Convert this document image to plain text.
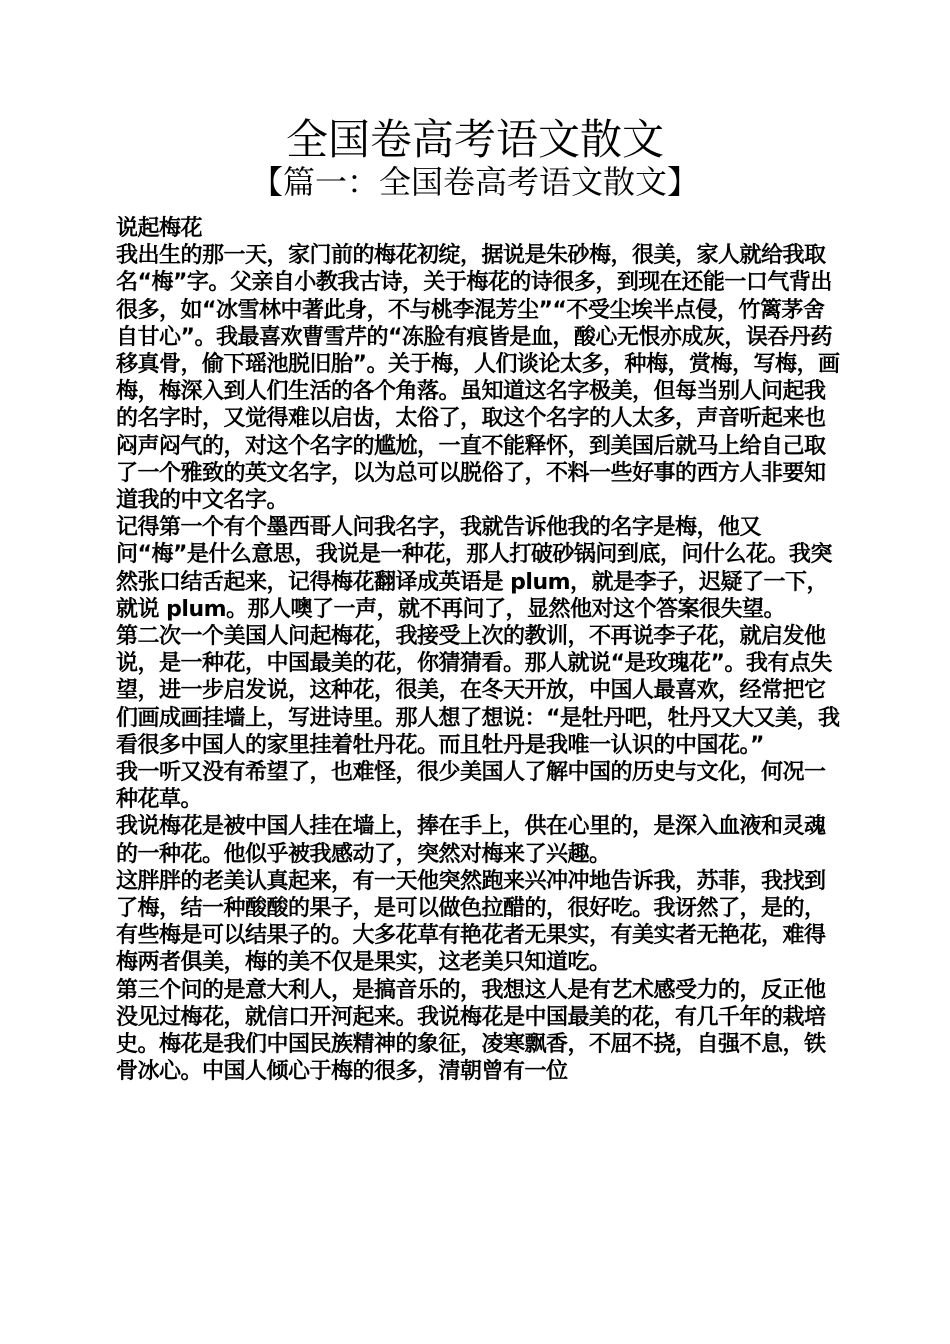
全国卷高考语文散文
【篇一：全国卷高考语文散文】

说起梅花

我出生的那一天，家门前的梅花初绽，据说是朱砂梅，很美，家人就给我取名“梅”字。父亲自小教我古诗，关于梅花的诗很多，到现在还能一口气背出很多，如“冰雪林中著此身，不与桃李混芳尘”“不受尘埃半点侵，竹篱茅舍自甘心”。我最喜欢曹雪芹的“冻脸有痕皆是血，酸心无恨亦成灰，误吞丹药移真骨，偷下瑶池脱旧胎”。关于梅，人们谈论太多，种梅，赏梅，写梅，画梅，梅深入到人们生活的各个角落。虽知道这名字极美，但每当别人问起我的名字时，又觉得难以启齿，太俗了，取这个名字的人太多，声音听起来也闷声闷气的，对这个名字的尴尬，一直不能释怀，到美国后就马上给自己取了一个雅致的英文名字，以为总可以脱俗了，不料一些好事的西方人非要知道我的中文名字。

记得第一个有个墨西哥人问我名字，我就告诉他我的名字是梅，他又问“梅”是什么意思，我说是一种花，那人打破砂锅问到底，问什么花。我突然张口结舌起来，记得梅花翻译成英语是 plum，就是李子，迟疑了一下，就说 plum。那人噢了一声，就不再问了，显然他对这个答案很失望。

第二次一个美国人问起梅花，我接受上次的教训，不再说李子花，就启发他说，是一种花，中国最美的花，你猜猜看。那人就说“是玫瑰花”。我有点失望，进一步启发说，这种花，很美，在冬天开放，中国人最喜欢，经常把它们画成画挂墙上，写进诗里。那人想了想说：“是牡丹吧，牡丹又大又美，我看很多中国人的家里挂着牡丹花。而且牡丹是我唯一认识的中国花。”

我一听又没有希望了，也难怪，很少美国人了解中国的历史与文化，何况一种花草。

我说梅花是被中国人挂在墙上，捧在手上，供在心里的，是深入血液和灵魂的一种花。他似乎被我感动了，突然对梅来了兴趣。

这胖胖的老美认真起来，有一天他突然跑来兴冲冲地告诉我，苏菲，我找到了梅，结一种酸酸的果子，是可以做色拉醋的，很好吃。我讶然了，是的，有些梅是可以结果子的。大多花草有艳花者无果实，有美实者无艳花，难得梅两者俱美，梅的美不仅是果实，这老美只知道吃。

第三个问的是意大利人，是搞音乐的，我想这人是有艺术感受力的，反正他没见过梅花，就信口开河起来。我说梅花是中国最美的花，有几千年的栽培史。梅花是我们中国民族精神的象征，凌寒飘香，不屈不挠，自强不息，铁骨冰心。中国人倾心于梅的很多，清朝曾有一位
